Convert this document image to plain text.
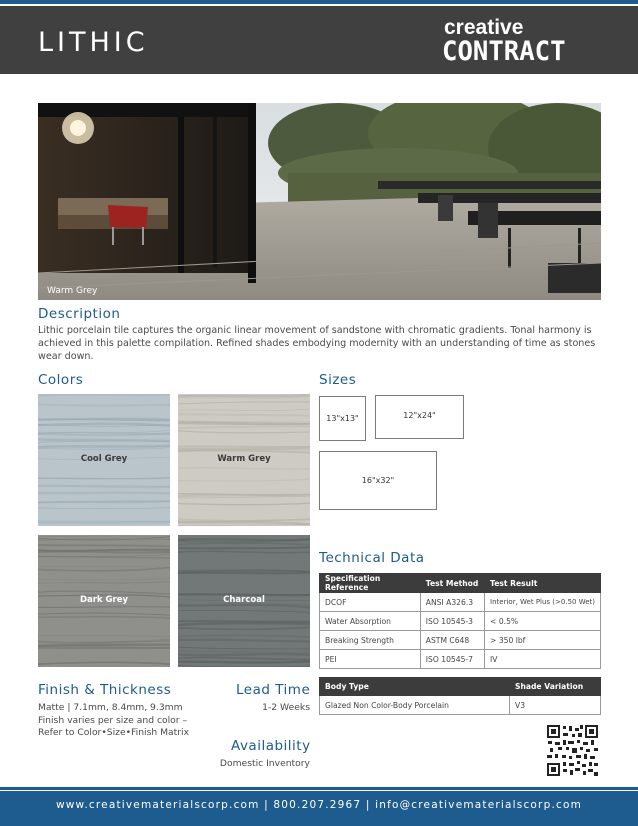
LITHIC	creative
CONTRACT
Warm Grey
Description
Lithic porcelain tile captures the organic linear movement of sandstone with chromatic gradients. Tonal harmony is achieved in this palette compilation. Refined shades embodying modernity with an understanding of time as stones wear down.
Colors
Cool Grey	Warm Grey
Dark Grey	Charcoal
Sizes
13"x13"	12"x24"
16"x32"
Technical Data
Specification Reference	Test Method	Test Result
DCOF	ANSI A326.3	Interior, Wet Plus (>0.50 Wet)
Water Absorption	ISO 10545-3	< 0.5%
Breaking Strength	ASTM C648	> 350 lbf
PEI	ISO 10545-7	IV
Body Type	Shade Variation
Glazed Non Color-Body Porcelain	V3
Finish & Thickness
Matte | 7.1mm, 8.4mm, 9.3mm
Finish varies per size and color –
Refer to Color•Size•Finish Matrix
Lead Time
1-2 Weeks
Availability
Domestic Inventory
www.creativematerialscorp.com | 800.207.2967 | info@creativematerialscorp.com
